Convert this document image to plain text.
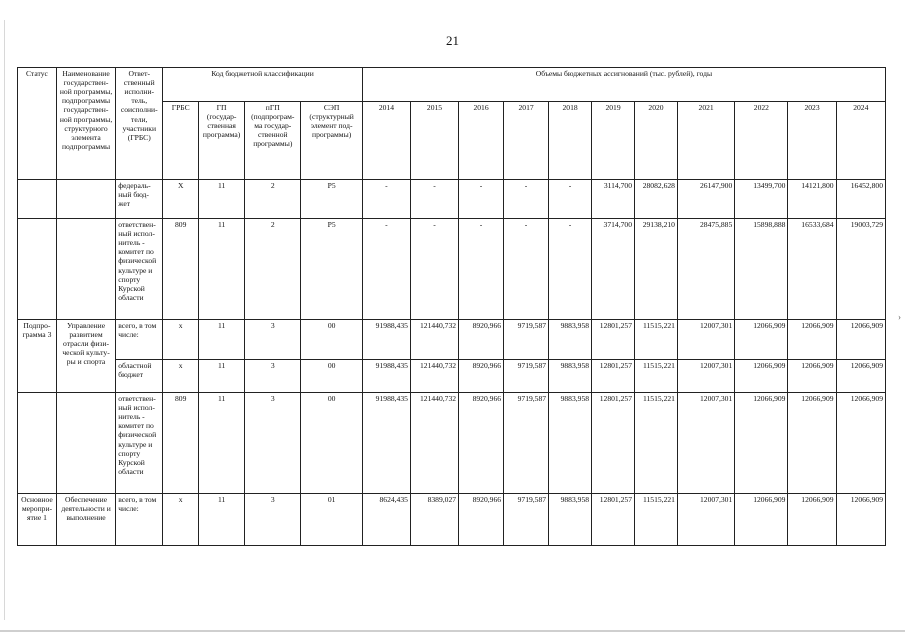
21
›
Статус	Наименование государствен-ной программы, подпрограммы государствен-ной программы, структурного элемента подпрограммы	Ответ-ственный исполни-тель, соисполни-тели, участники (ГРБС)	Код бюджетной классификации				Объемы бюджетных ассигнований (тыс. рублей), годы										
			ГРБС	ГП (государ-ственная программа)	пГП (подпрограм-ма государ-ственной программы)	СЭП (структурный элемент под-программы)	2014	2015	2016	2017	2018	2019	2020	2021	2022	2023	2024
		федераль-ный бюд-жет	Х	11	2	Р5	-	-	-	-	-	3114,700	28082,628	26147,900	13499,700	14121,800	16452,800
		ответствен-ный испол-нитель - комитет по физической культуре и спорту Курской области	809	11	2	Р5	-	-	-	-	-	3714,700	29138,210	28475,885	15898,888	16533,684	19003,729
Подпро-грамма 3	Управление развитием отрасли физи-ческой культу-ры и спорта	всего, в том числе:	х	11	3	00	91988,435	121440,732	8920,966	9719,587	9883,958	12801,257	11515,221	12007,301	12066,909	12066,909	12066,909
		областной бюджет	х	11	3	00	91988,435	121440,732	8920,966	9719,587	9883,958	12801,257	11515,221	12007,301	12066,909	12066,909	12066,909
		ответствен-ный испол-нитель - комитет по физической культуре и спорту Курской области	809	11	3	00	91988,435	121440,732	8920,966	9719,587	9883,958	12801,257	11515,221	12007,301	12066,909	12066,909	12066,909
Основное меропри-ятие 1	Обеспечение деятельности и выполнение	всего, в том числе:	х	11	3	01	8624,435	8389,027	8920,966	9719,587	9883,958	12801,257	11515,221	12007,301	12066,909	12066,909	12066,909
